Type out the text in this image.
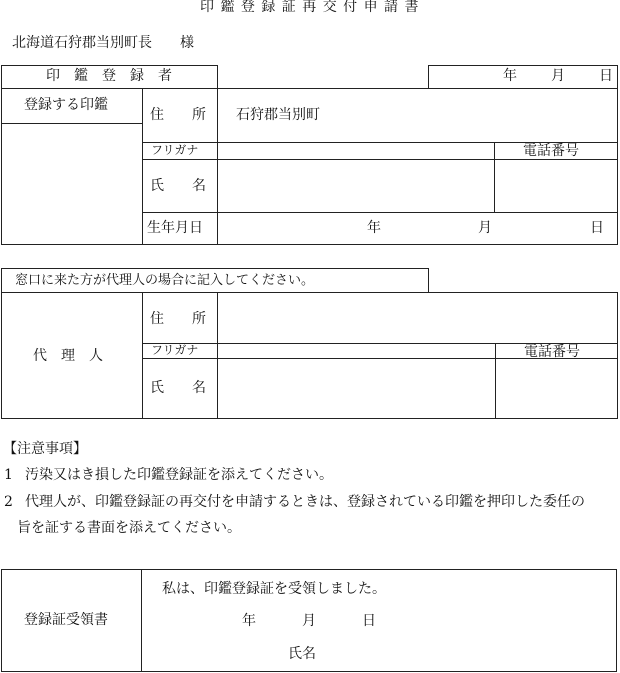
印 鑑 登 録 証 再 交 付 申 請 書
北海道石狩郡当別町長　　様
印　鑑　登　録　者	年 月 日
登録する印鑑
住　　所 石狩郡当別町
フリガナ	電話番号
氏　　名
生年月日	年	月	日
窓口に来た方が代理人の場合に記入してください。
代　理　人
住　　所
フリガナ	電話番号
氏　　名
【注意事項】
1 汚染又はき損した印鑑登録証を添えてください。
2 代理人が、印鑑登録証の再交付を申請するときは、登録されている印鑑を押印した委任の
旨を証する書面を添えてください。
登録証受領書
私は、印鑑登録証を受領しました。
年	月	日
氏名
